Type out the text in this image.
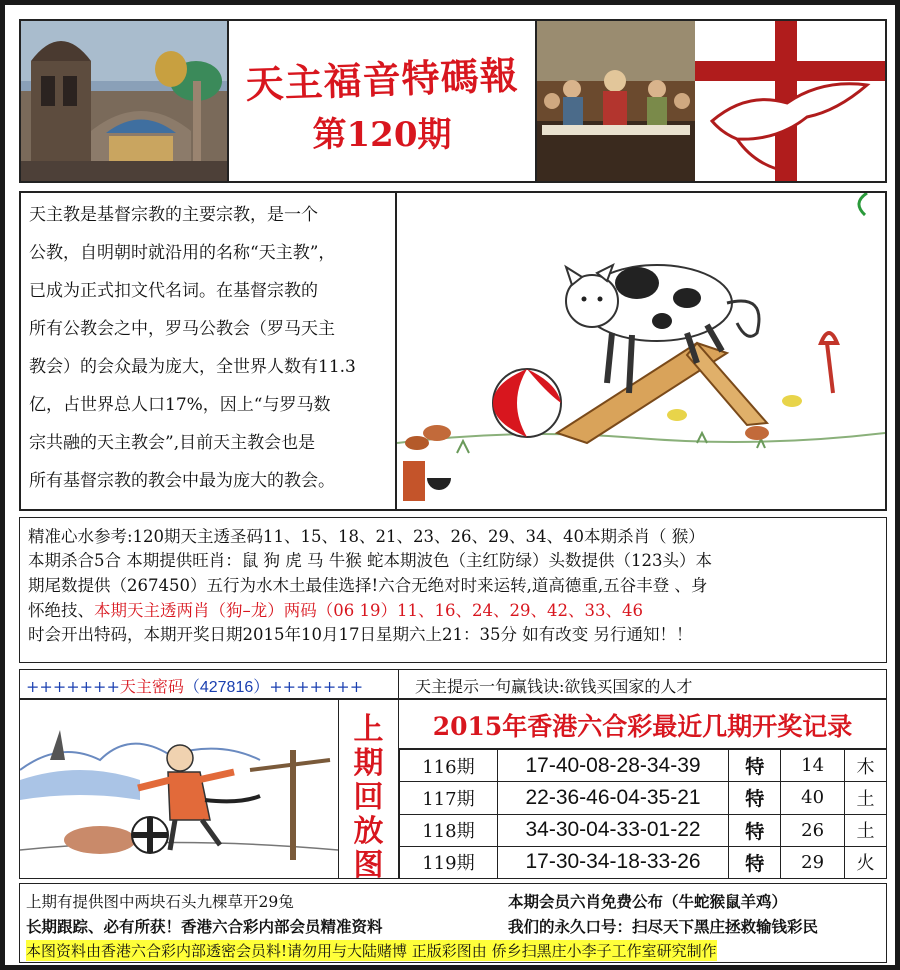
天主福音特碼報
第120期
天主教是基督宗教的主要宗教，是一个
公教，自明朝时就沿用的名称“天主教”，
已成为正式扣文代名词。在基督宗教的
所有公教会之中，罗马公教会（罗马天主
教会）的会众最为庞大，全世界人数有11.3
亿，占世界总人口17%，因上“与罗马数
宗共融的天主教会”,目前天主教会也是
所有基督宗教的教会中最为庞大的教会。
精准心水参考:120期天主透圣码11、15、18、21、23、26、29、34、40本期杀肖（ 猴）
本期杀合5合 本期提供旺肖：鼠 狗 虎 马 牛猴 蛇本期波色（主红防绿）头数提供（123头）本
期尾数提供（267450）五行为水木土最佳选择!六合无绝对时来运转,道高德重,五谷丰登 、身
怀绝技、本期天主透两肖（狗–龙）两码（06 19）11、16、24、29、42、33、46
时会开出特码，本期开奖日期2015年10月17日星期六上21：35分 如有改变 另行通知！！
+++++++天主密码（427816）+++++++	天主提示一句赢钱诀:欲钱买国家的人才
上
期
回
放
图
2015年香港六合彩最近几期开奖记录
116期	17-40-08-28-34-39	特	14	木
117期	22-36-46-04-35-21	特	40	土
118期	34-30-04-33-01-22	特	26	土
119期	17-30-34-18-33-26	特	29	火
上期有提供图中两块石头九棵草开29兔	本期会员六肖免费公布（牛蛇猴鼠羊鸡）
长期跟踪、必有所获！香港六合彩内部会员精准资料	我们的永久口号：扫尽天下黑庄拯救输钱彩民
本图资料由香港六合彩内部透密会员料!请勿用与大陆赌博 正版彩图由 侨乡扫黑庄小李子工作室研究制作
